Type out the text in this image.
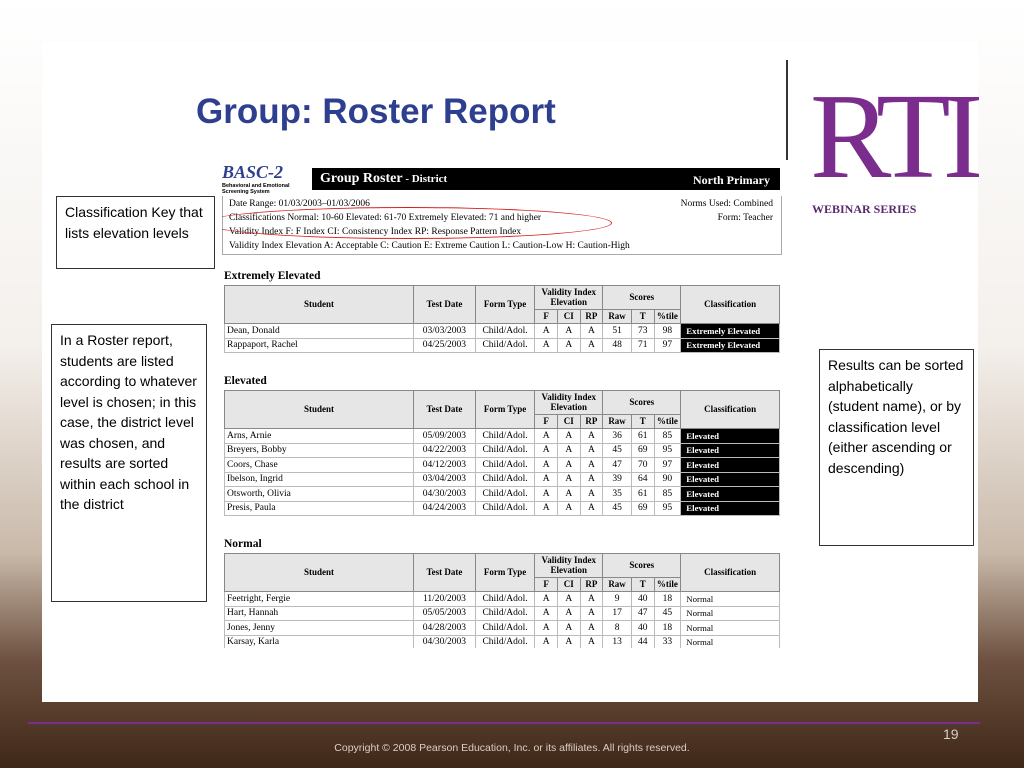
Group: Roster Report RTI
WEBINAR SERIES
BASC-2
Behavioral and Emotional Screening System
Group Roster - District	North Primary
Date Range: 01/03/2003–01/03/2006	Norms Used: Combined
Classifications Normal: 10-60 Elevated: 61-70 Extremely Elevated: 71 and higher	Form: Teacher
Validity Index F: F Index CI: Consistency Index RP: Response Pattern Index
Validity Index Elevation A: Acceptable C: Caution E: Extreme Caution L: Caution-Low H: Caution-High
Extremely Elevated
Student	Test Date	Form Type	Validity Index Elevation			Scores			Classification
			F	CI	RP	Raw	T	%tile	
Dean, Donald	03/03/2003	Child/Adol.	A	A	A	51	73	98	Extremely Elevated
Rappaport, Rachel	04/25/2003	Child/Adol.	A	A	A	48	71	97	Extremely Elevated
Elevated
Student	Test Date	Form Type	Validity Index Elevation			Scores			Classification
			F	CI	RP	Raw	T	%tile	
Arns, Arnie	05/09/2003	Child/Adol.	A	A	A	36	61	85	Elevated
Breyers, Bobby	04/22/2003	Child/Adol.	A	A	A	45	69	95	Elevated
Coors, Chase	04/12/2003	Child/Adol.	A	A	A	47	70	97	Elevated
Ibelson, Ingrid	03/04/2003	Child/Adol.	A	A	A	39	64	90	Elevated
Otsworth, Olivia	04/30/2003	Child/Adol.	A	A	A	35	61	85	Elevated
Presis, Paula	04/24/2003	Child/Adol.	A	A	A	45	69	95	Elevated
Normal
Student	Test Date	Form Type	Validity Index Elevation			Scores			Classification
			F	CI	RP	Raw	T	%tile	
Feetright, Fergie	11/20/2003	Child/Adol.	A	A	A	9	40	18	Normal
Hart, Hannah	05/05/2003	Child/Adol.	A	A	A	17	47	45	Normal
Jones, Jenny	04/28/2003	Child/Adol.	A	A	A	8	40	18	Normal
Karsay, Karla	04/30/2003	Child/Adol.	A	A	A	13	44	33	Normal
Classification Key that lists elevation levels
In a Roster report, students are listed according to whatever level is chosen; in this case, the district level was chosen, and results are sorted within each school in the district
Results can be sorted alphabetically (student name), or by classification level (either ascending or descending)
19
Copyright © 2008 Pearson Education, Inc. or its affiliates. All rights reserved.
